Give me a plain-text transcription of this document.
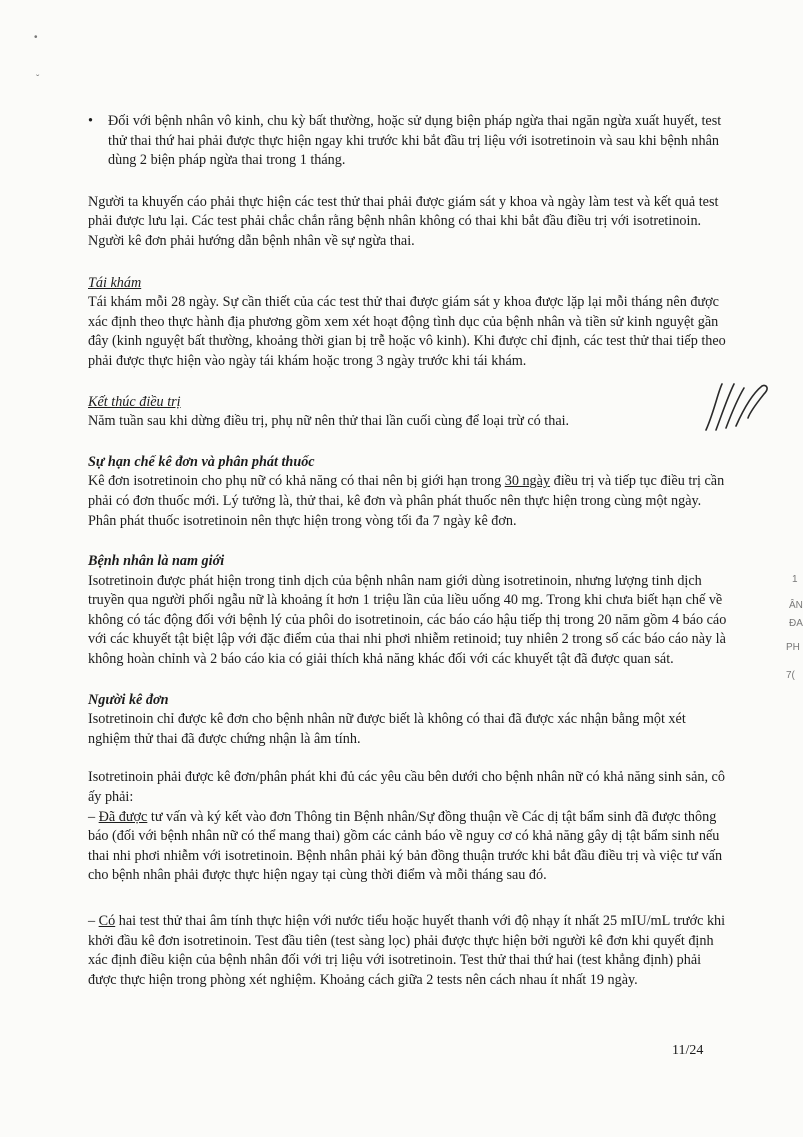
•
ˇ
• Đối với bệnh nhân vô kinh, chu kỳ bất thường, hoặc sử dụng biện pháp ngừa thai ngăn ngừa xuất huyết, test thử thai thứ hai phải được thực hiện ngay khi trước khi bắt đầu trị liệu với isotretinoin và sau khi bệnh nhân dùng 2 biện pháp ngừa thai trong 1 tháng.

Người ta khuyến cáo phải thực hiện các test thử thai phải được giám sát y khoa và ngày làm test và kết quả test phải được lưu lại. Các test phải chắc chắn rằng bệnh nhân không có thai khi bắt đầu điều trị với isotretinoin. Người kê đơn phải hướng dẫn bệnh nhân về sự ngừa thai.

Tái khám

Tái khám mỗi 28 ngày. Sự cần thiết của các test thử thai được giám sát y khoa được lặp lại mỗi tháng nên được xác định theo thực hành địa phương gồm xem xét hoạt động tình dục của bệnh nhân và tiền sử kinh nguyệt gần đây (kinh nguyệt bất thường, khoảng thời gian bị trễ hoặc vô kinh). Khi được chỉ định, các test thử thai tiếp theo phải được thực hiện vào ngày tái khám hoặc trong 3 ngày trước khi tái khám.

Kết thúc điều trị

Năm tuần sau khi dừng điều trị, phụ nữ nên thử thai lần cuối cùng để loại trừ có thai.

Sự hạn chế kê đơn và phân phát thuốc

Kê đơn isotretinoin cho phụ nữ có khả năng có thai nên bị giới hạn trong 30 ngày điều trị và tiếp tục điều trị cần phải có đơn thuốc mới. Lý tưởng là, thử thai, kê đơn và phân phát thuốc nên thực hiện trong cùng một ngày. Phân phát thuốc isotretinoin nên thực hiện trong vòng tối đa 7 ngày kê đơn.

Bệnh nhân là nam giới

Isotretinoin được phát hiện trong tinh dịch của bệnh nhân nam giới dùng isotretinoin, nhưng lượng tinh dịch truyền qua người phối ngẫu nữ là khoảng ít hơn 1 triệu lần của liều uống 40 mg. Trong khi chưa biết hạn chế về không có tác động đối với bệnh lý của phôi do isotretinoin, các báo cáo hậu tiếp thị trong 20 năm gồm 4 báo cáo với các khuyết tật biệt lập với đặc điểm của thai nhi phơi nhiễm retinoid; tuy nhiên 2 trong số các báo cáo này là không hoàn chỉnh và 2 báo cáo kia có giải thích khả năng khác đối với các khuyết tật đã được quan sát.

Người kê đơn

Isotretinoin chỉ được kê đơn cho bệnh nhân nữ được biết là không có thai đã được xác nhận bằng một xét nghiệm thử thai đã được chứng nhận là âm tính.

Isotretinoin phải được kê đơn/phân phát khi đủ các yêu cầu bên dưới cho bệnh nhân nữ có khả năng sinh sản, cô ấy phải:

– Đã được tư vấn và ký kết vào đơn Thông tin Bệnh nhân/Sự đồng thuận về Các dị tật bẩm sinh đã được thông báo (đối với bệnh nhân nữ có thể mang thai) gồm các cảnh báo về nguy cơ có khả năng gây dị tật bẩm sinh nếu thai nhi phơi nhiễm với isotretinoin. Bệnh nhân phải ký bản đồng thuận trước khi bắt đầu điều trị và việc tư vấn cho bệnh nhân phải được thực hiện ngay tại cùng thời điểm và mỗi tháng sau đó.

– Có hai test thử thai âm tính thực hiện với nước tiểu hoặc huyết thanh với độ nhạy ít nhất 25 mIU/mL trước khi khởi đầu kê đơn isotretinoin. Test đầu tiên (test sàng lọc) phải được thực hiện bởi người kê đơn khi quyết định xác định điều kiện của bệnh nhân đối với trị liệu với isotretinoin. Test thử thai thứ hai (test khẳng định) phải được thực hiện trong phòng xét nghiệm. Khoảng cách giữa 2 tests nên cách nhau ít nhất 19 ngày.

1
ÂN
ĐA
PH
7(
11/24
